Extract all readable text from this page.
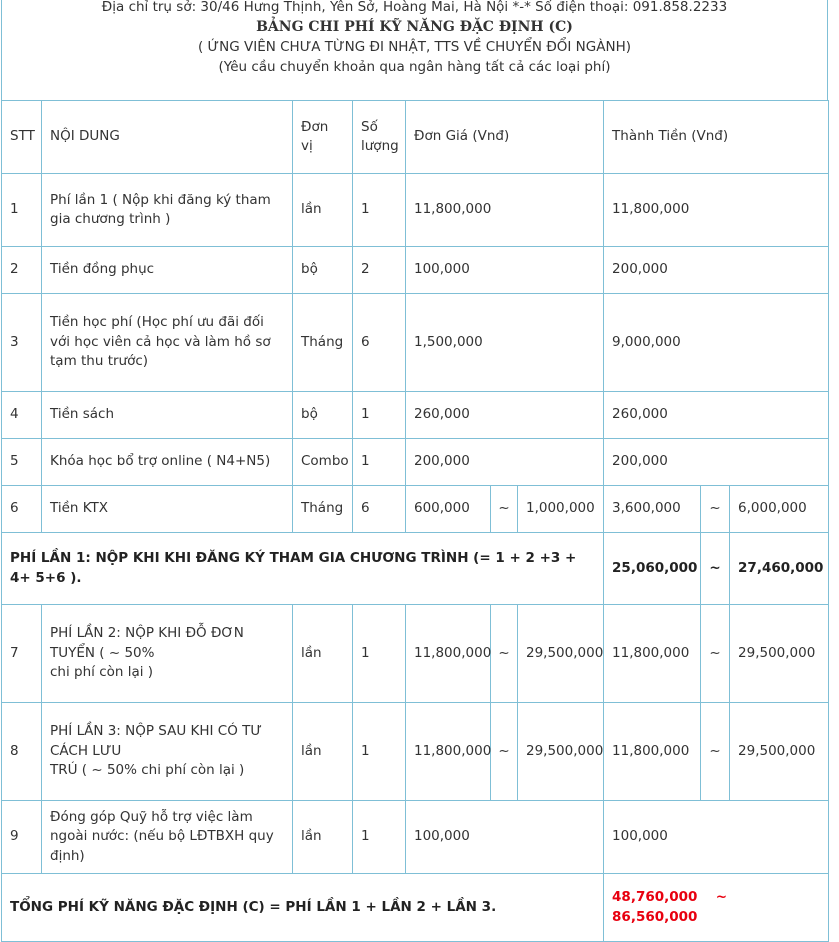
Địa chỉ trụ sở: 30/46 Hưng Thịnh, Yên Sở, Hoàng Mai, Hà Nội *-* Số điện thoại: 091.858.2233
BẢNG CHI PHÍ KỸ NĂNG ĐẶC ĐỊNH (C)
( ỨNG VIÊN CHƯA TỪNG ĐI NHẬT, TTS VỀ CHUYỂN ĐỔI NGÀNH)
(Yêu cầu chuyển khoản qua ngân hàng tất cả các loại phí)
STT	NỘI DUNG	Đơn vị	Số lượng	Đơn Giá (Vnđ)			Thành Tiền (Vnđ)		
1	Phí lần 1 ( Nộp khi đăng ký tham gia chương trình )	lần	1	11,800,000			11,800,000		
2	Tiền đồng phục	bộ	2	100,000			200,000		
3	Tiền học phí (Học phí ưu đãi đối với học viên cả học và làm hồ sơ tạm thu trước)	Tháng	6	1,500,000			9,000,000		
4	Tiền sách	bộ	1	260,000			260,000		
5	Khóa học bổ trợ online ( N4+N5)	Combo	1	200,000			200,000		
6	Tiền KTX	Tháng	6	600,000	~	1,000,000	3,600,000	~	6,000,000
PHÍ LẦN 1: NỘP KHI KHI ĐĂNG KÝ THAM GIA CHƯƠNG TRÌNH (= 1 + 2 +3 + 4+ 5+6 ).							25,060,000	~	27,460,000
7	PHÍ LẦN 2: NỘP KHI ĐỖ ĐƠN
TUYỂN ( ~ 50%
chi phí còn lại )	lần	1	11,800,000	~	29,500,000	11,800,000	~	29,500,000
8	PHÍ LẦN 3: NỘP SAU KHI CÓ TƯ
CÁCH LƯU
TRÚ ( ~ 50% chi phí còn lại )	lần	1	11,800,000	~	29,500,000	11,800,000	~	29,500,000
9	Đóng góp Quỹ hỗ trợ việc làm ngoài nước: (nếu bộ LĐTBXH quy định)	lần	1	100,000			100,000		
TỔNG PHÍ KỸ NĂNG ĐẶC ĐỊNH (C) = PHÍ LẦN 1 + LẦN 2 + LẦN 3.							48,760,000 ~
86,560,000		
